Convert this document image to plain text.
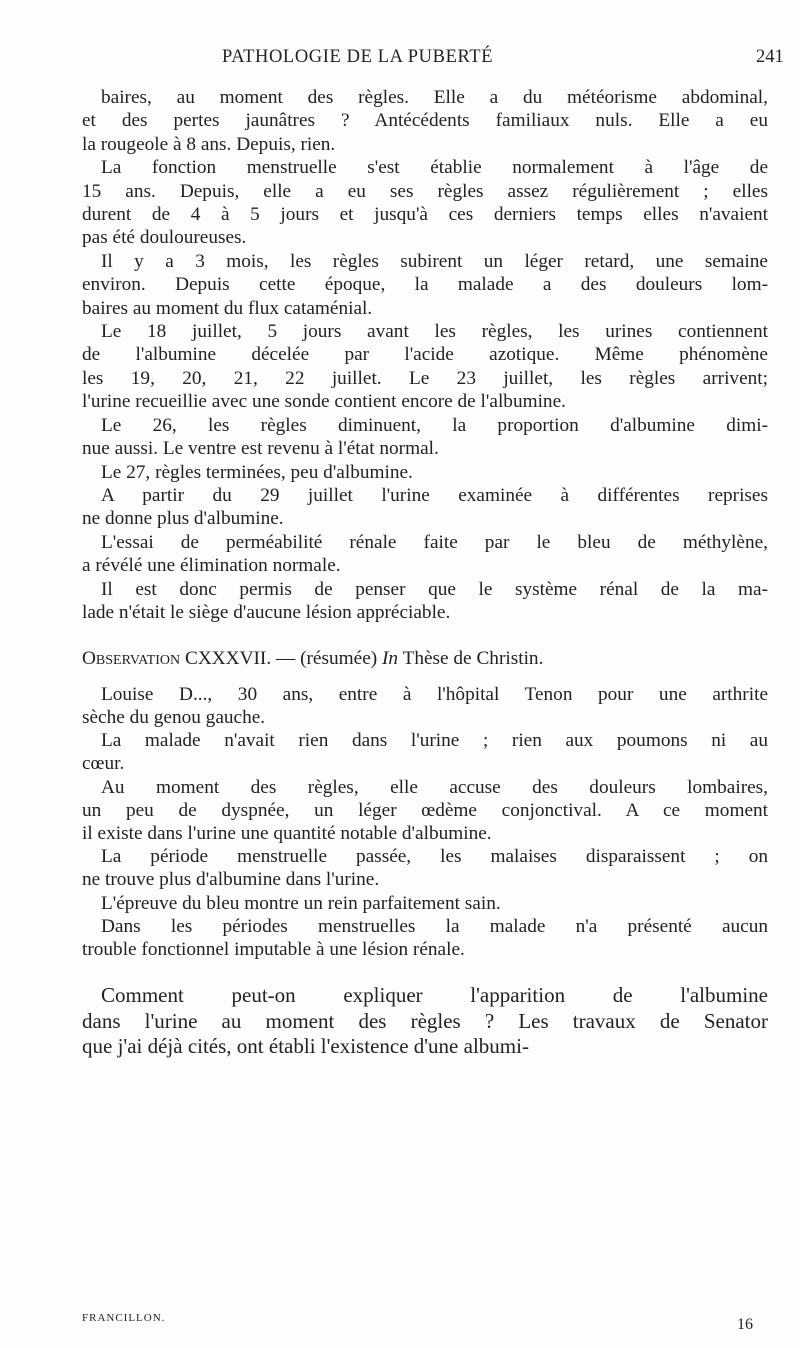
PATHOLOGIE DE LA PUBERTÉ	241
baires, au moment des règles. Elle a du météorisme abdominal,
et des pertes jaunâtres ? Antécédents familiaux nuls. Elle a eu
la rougeole à 8 ans. Depuis, rien.
La fonction menstruelle s'est établie normalement à l'âge de
15 ans. Depuis, elle a eu ses règles assez régulièrement ; elles
durent de 4 à 5 jours et jusqu'à ces derniers temps elles n'avaient
pas été douloureuses.
Il y a 3 mois, les règles subirent un léger retard, une semaine
environ. Depuis cette époque, la malade a des douleurs lom-
baires au moment du flux cataménial.
Le 18 juillet, 5 jours avant les règles, les urines contiennent
de l'albumine décelée par l'acide azotique. Même phénomène
les 19, 20, 21, 22 juillet. Le 23 juillet, les règles arrivent;
l'urine recueillie avec une sonde contient encore de l'albumine.
Le 26, les règles diminuent, la proportion d'albumine dimi-
nue aussi. Le ventre est revenu à l'état normal.
Le 27, règles terminées, peu d'albumine.
A partir du 29 juillet l'urine examinée à différentes reprises
ne donne plus d'albumine.
L'essai de perméabilité rénale faite par le bleu de méthylène,
a révélé une élimination normale.
Il est donc permis de penser que le système rénal de la ma-
lade n'était le siège d'aucune lésion appréciable.
Observation CXXXVII. — (résumée) In Thèse de Christin.
Louise D..., 30 ans, entre à l'hôpital Tenon pour une arthrite
sèche du genou gauche.
La malade n'avait rien dans l'urine ; rien aux poumons ni au
cœur.
Au moment des règles, elle accuse des douleurs lombaires,
un peu de dyspnée, un léger œdème conjonctival. A ce moment
il existe dans l'urine une quantité notable d'albumine.
La période menstruelle passée, les malaises disparaissent ; on
ne trouve plus d'albumine dans l'urine.
L'épreuve du bleu montre un rein parfaitement sain.
Dans les périodes menstruelles la malade n'a présenté aucun
trouble fonctionnel imputable à une lésion rénale.
Comment peut-on expliquer l'apparition de l'albumine
dans l'urine au moment des règles ? Les travaux de Senator
que j'ai déjà cités, ont établi l'existence d'une albumi-
FRANCILLON.	16
